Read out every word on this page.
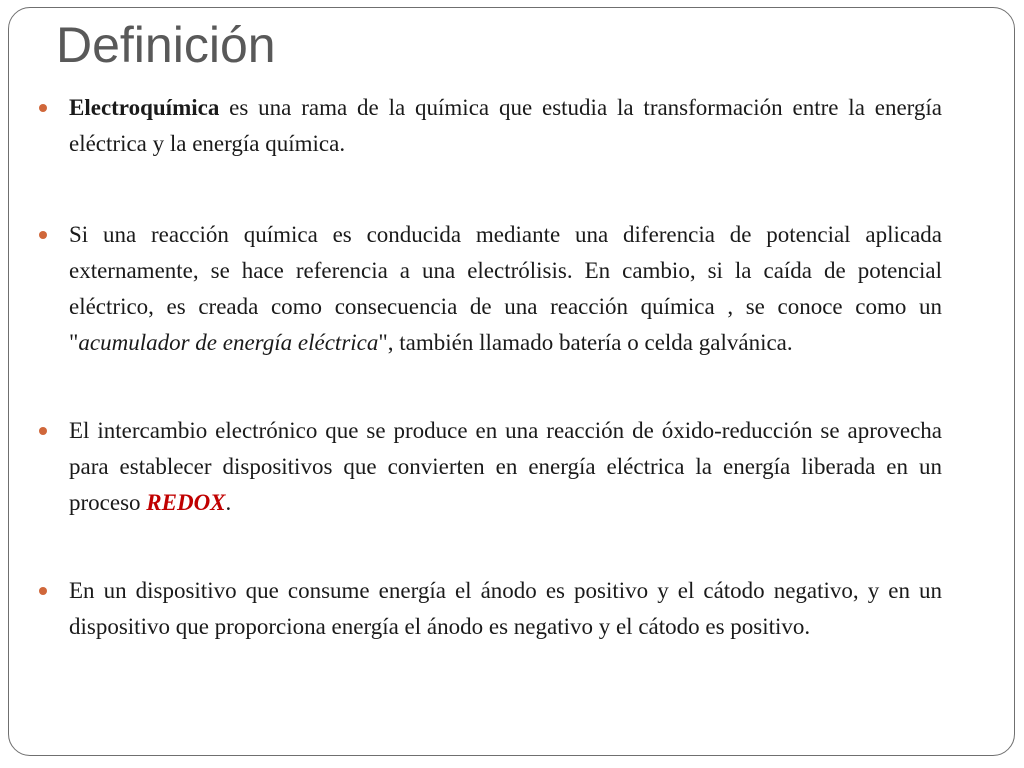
Definición
Electroquímica es una rama de la química que estudia la transformación entre la energía eléctrica y la energía química.
Si una reacción química es conducida mediante una diferencia de potencial aplicada externamente, se hace referencia a una electrólisis. En cambio, si la caída de potencial eléctrico, es creada como consecuencia de una reacción química , se conoce como un "acumulador de energía eléctrica", también llamado batería o celda galvánica.
El intercambio electrónico que se produce en una reacción de óxido-reducción se aprovecha para establecer dispositivos que convierten en energía eléctrica la energía liberada en un proceso REDOX.
En un dispositivo que consume energía el ánodo es positivo y el cátodo negativo, y en un dispositivo que proporciona energía el ánodo es negativo y el cátodo es positivo.
